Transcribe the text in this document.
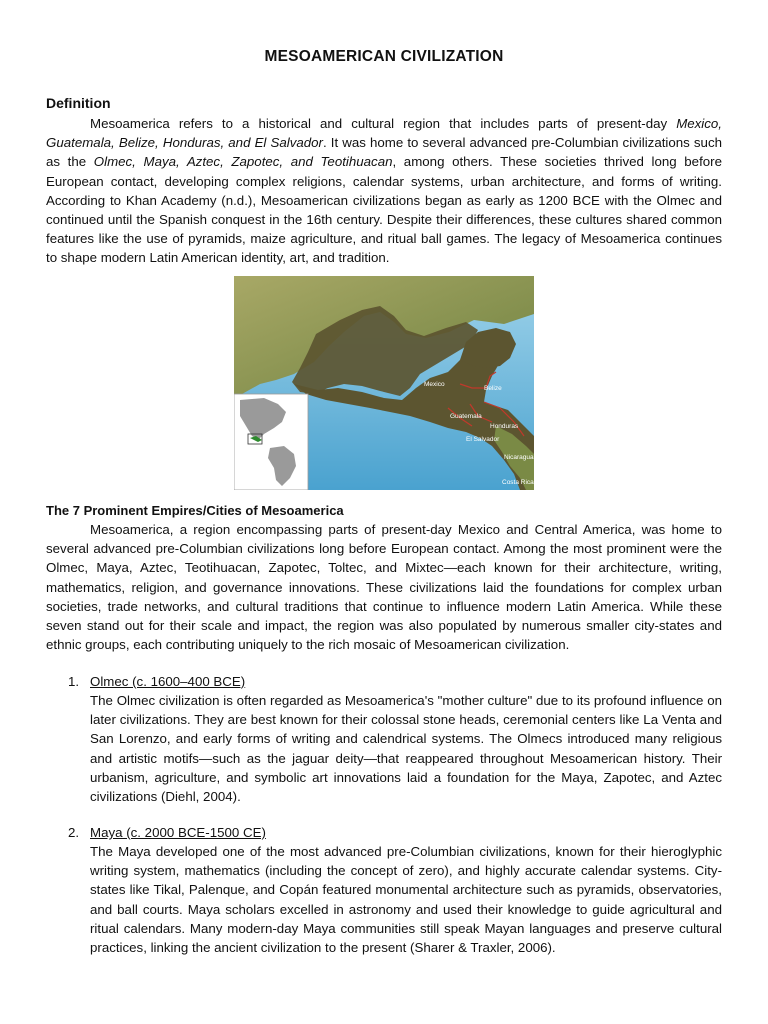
MESOAMERICAN CIVILIZATION
Definition
Mesoamerica refers to a historical and cultural region that includes parts of present-day Mexico, Guatemala, Belize, Honduras, and El Salvador. It was home to several advanced pre-Columbian civilizations such as the Olmec, Maya, Aztec, Zapotec, and Teotihuacan, among others. These societies thrived long before European contact, developing complex religions, calendar systems, urban architecture, and forms of writing. According to Khan Academy (n.d.), Mesoamerican civilizations began as early as 1200 BCE with the Olmec and continued until the Spanish conquest in the 16th century. Despite their differences, these cultures shared common features like the use of pyramids, maize agriculture, and ritual ball games. The legacy of Mesoamerica continues to shape modern Latin American identity, art, and tradition.
Mexico
Belize
Guatemala
Honduras
El Salvador
Nicaragua
Costa Rica
The 7 Prominent Empires/Cities of Mesoamerica
Mesoamerica, a region encompassing parts of present-day Mexico and Central America, was home to several advanced pre-Columbian civilizations long before European contact. Among the most prominent were the Olmec, Maya, Aztec, Teotihuacan, Zapotec, Toltec, and Mixtec—each known for their architecture, writing, mathematics, religion, and governance innovations. These civilizations laid the foundations for complex urban societies, trade networks, and cultural traditions that continue to influence modern Latin America. While these seven stand out for their scale and impact, the region was also populated by numerous smaller city-states and ethnic groups, each contributing uniquely to the rich mosaic of Mesoamerican civilization.
1. Olmec (c. 1600–400 BCE)
The Olmec civilization is often regarded as Mesoamerica's "mother culture" due to its profound influence on later civilizations. They are best known for their colossal stone heads, ceremonial centers like La Venta and San Lorenzo, and early forms of writing and calendrical systems. The Olmecs introduced many religious and artistic motifs—such as the jaguar deity—that reappeared throughout Mesoamerican history. Their urbanism, agriculture, and symbolic art innovations laid a foundation for the Maya, Zapotec, and Aztec civilizations (Diehl, 2004).
2. Maya (c. 2000 BCE-1500 CE)
The Maya developed one of the most advanced pre-Columbian civilizations, known for their hieroglyphic writing system, mathematics (including the concept of zero), and highly accurate calendar systems. City-states like Tikal, Palenque, and Copán featured monumental architecture such as pyramids, observatories, and ball courts. Maya scholars excelled in astronomy and used their knowledge to guide agricultural and ritual calendars. Many modern-day Maya communities still speak Mayan languages and preserve cultural practices, linking the ancient civilization to the present (Sharer & Traxler, 2006).
